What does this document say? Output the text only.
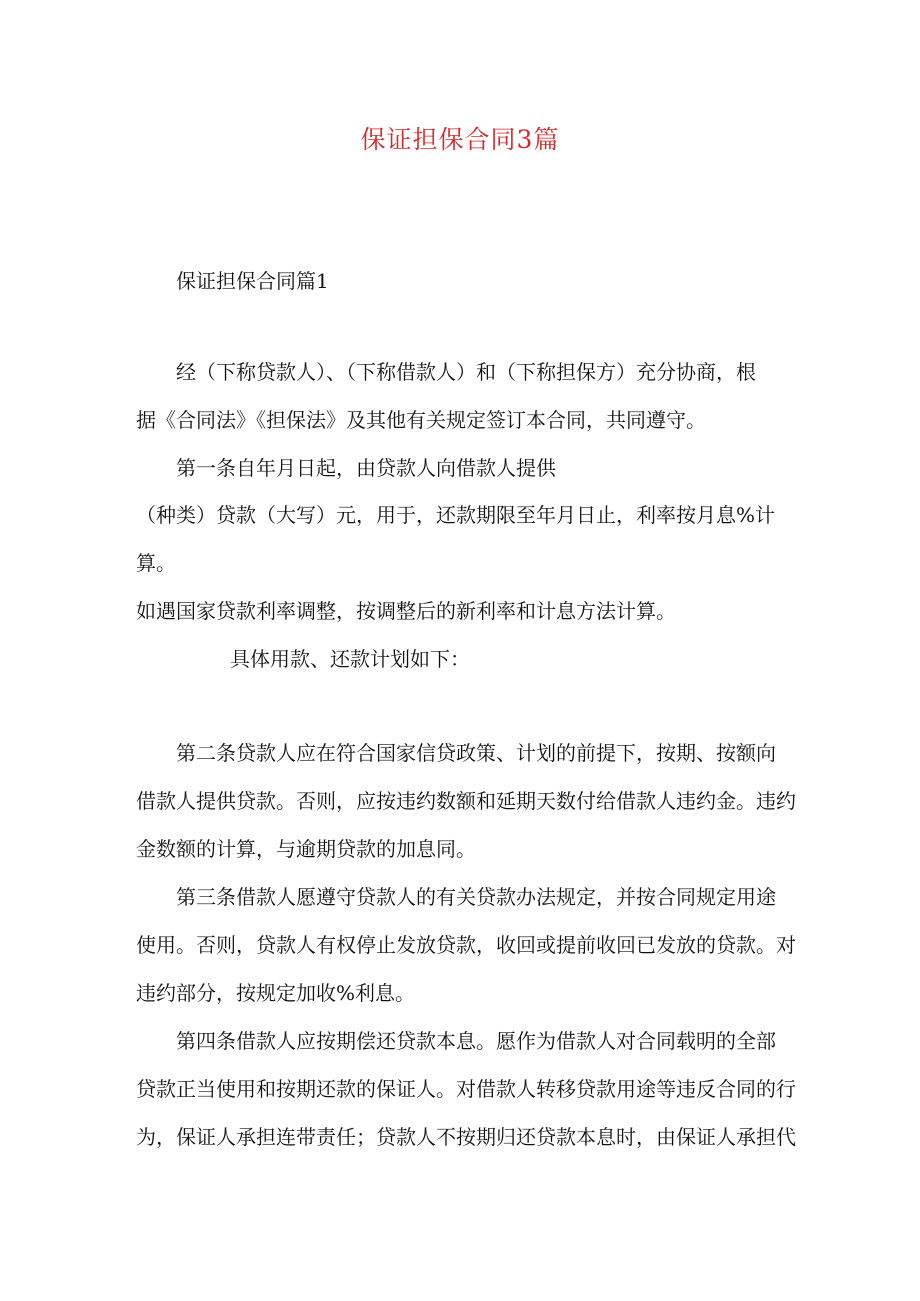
保证担保合同3篇
保证担保合同篇1
经（下称贷款人）、（下称借款人）和（下称担保方）充分协商，根
据《合同法》《担保法》及其他有关规定签订本合同，共同遵守。
第一条自年月日起，由贷款人向借款人提供
（种类）贷款（大写）元，用于，还款期限至年月日止，利率按月息%计
算。
如遇国家贷款利率调整，按调整后的新利率和计息方法计算。
具体用款、还款计划如下：
第二条贷款人应在符合国家信贷政策、计划的前提下，按期、按额向
借款人提供贷款。否则，应按违约数额和延期天数付给借款人违约金。违约
金数额的计算，与逾期贷款的加息同。
第三条借款人愿遵守贷款人的有关贷款办法规定，并按合同规定用途
使用。否则，贷款人有权停止发放贷款，收回或提前收回已发放的贷款。对
违约部分，按规定加收%利息。
第四条借款人应按期偿还贷款本息。愿作为借款人对合同载明的全部
贷款正当使用和按期还款的保证人。对借款人转移贷款用途等违反合同的行
为，保证人承担连带责任；贷款人不按期归还贷款本息时，由保证人承担代
